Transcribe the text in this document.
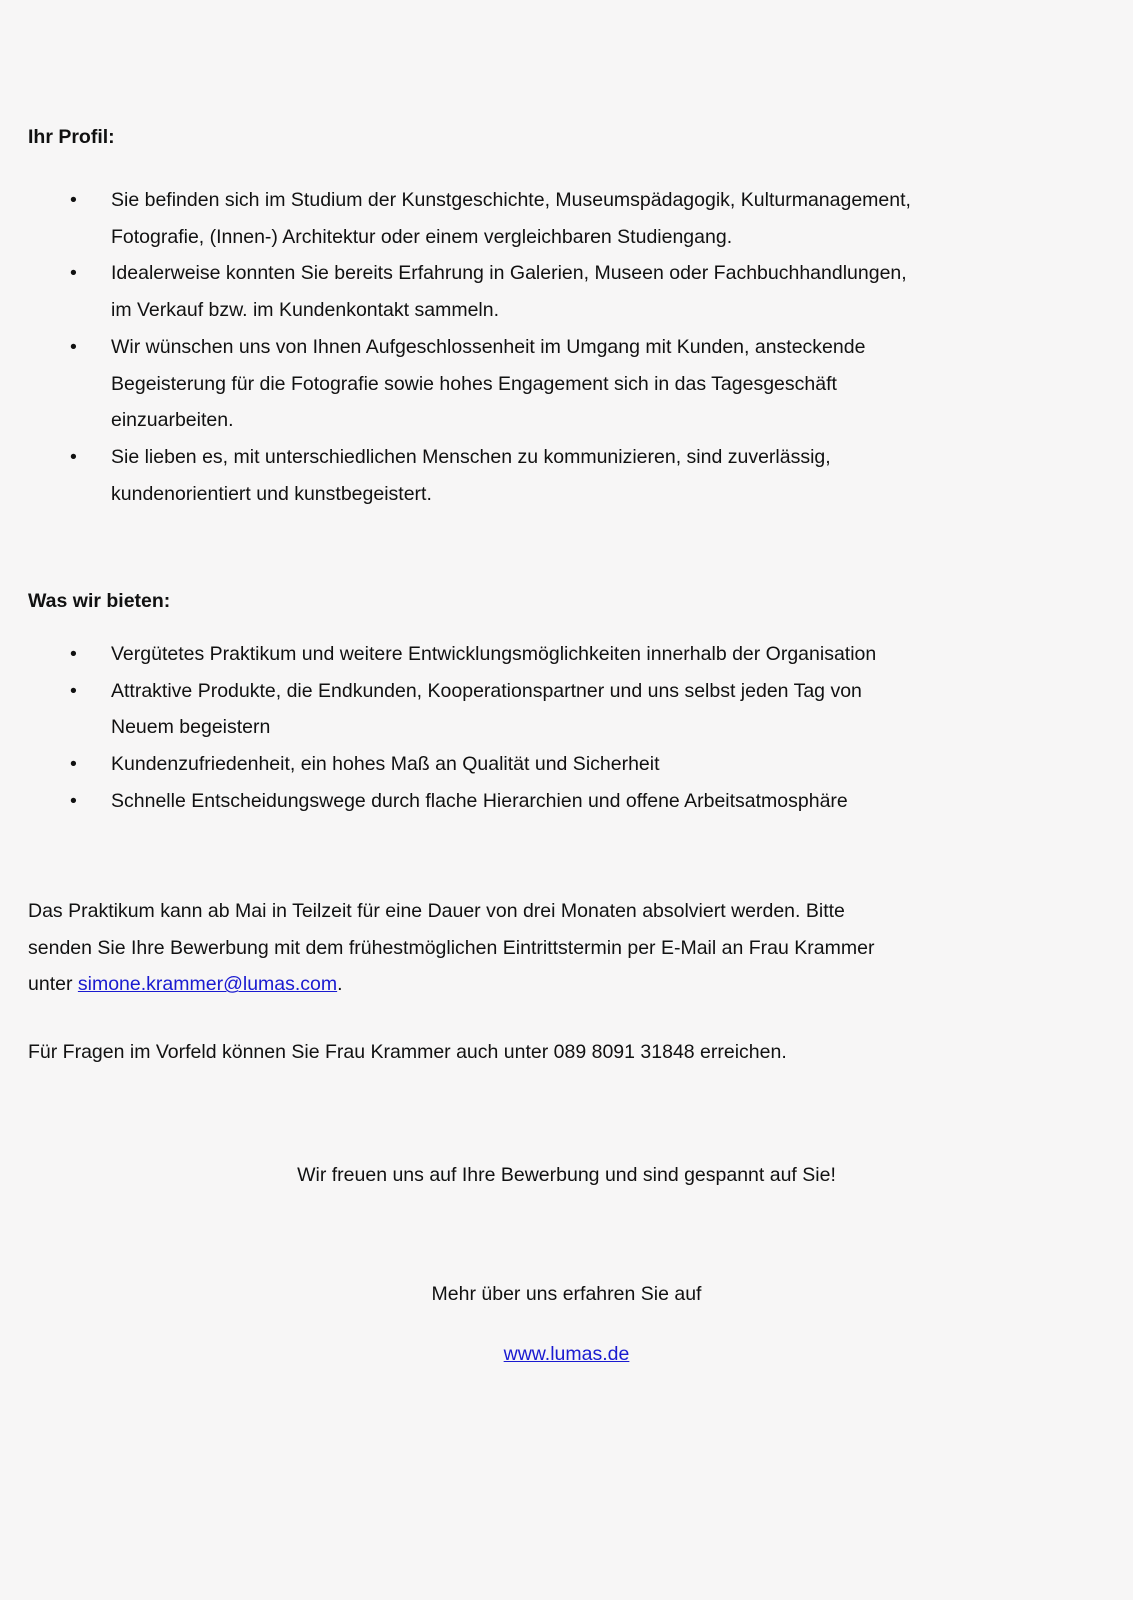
Ihr Profil:
• Sie befinden sich im Studium der Kunstgeschichte, Museumspädagogik, Kulturmanagement,
Fotografie, (Innen-) Architektur oder einem vergleichbaren Studiengang.
• Idealerweise konnten Sie bereits Erfahrung in Galerien, Museen oder Fachbuchhandlungen,
im Verkauf bzw. im Kundenkontakt sammeln.
• Wir wünschen uns von Ihnen Aufgeschlossenheit im Umgang mit Kunden, ansteckende
Begeisterung für die Fotografie sowie hohes Engagement sich in das Tagesgeschäft
einzuarbeiten.
• Sie lieben es, mit unterschiedlichen Menschen zu kommunizieren, sind zuverlässig,
kundenorientiert und kunstbegeistert.
Was wir bieten:
• Vergütetes Praktikum und weitere Entwicklungsmöglichkeiten innerhalb der Organisation
• Attraktive Produkte, die Endkunden, Kooperationspartner und uns selbst jeden Tag von
Neuem begeistern
• Kundenzufriedenheit, ein hohes Maß an Qualität und Sicherheit
• Schnelle Entscheidungswege durch flache Hierarchien und offene Arbeitsatmosphäre
Das Praktikum kann ab Mai in Teilzeit für eine Dauer von drei Monaten absolviert werden. Bitte
senden Sie Ihre Bewerbung mit dem frühestmöglichen Eintrittstermin per E-Mail an Frau Krammer
unter simone.krammer@lumas.com.
Für Fragen im Vorfeld können Sie Frau Krammer auch unter 089 8091 31848 erreichen.
Wir freuen uns auf Ihre Bewerbung und sind gespannt auf Sie!
Mehr über uns erfahren Sie auf
www.lumas.de
